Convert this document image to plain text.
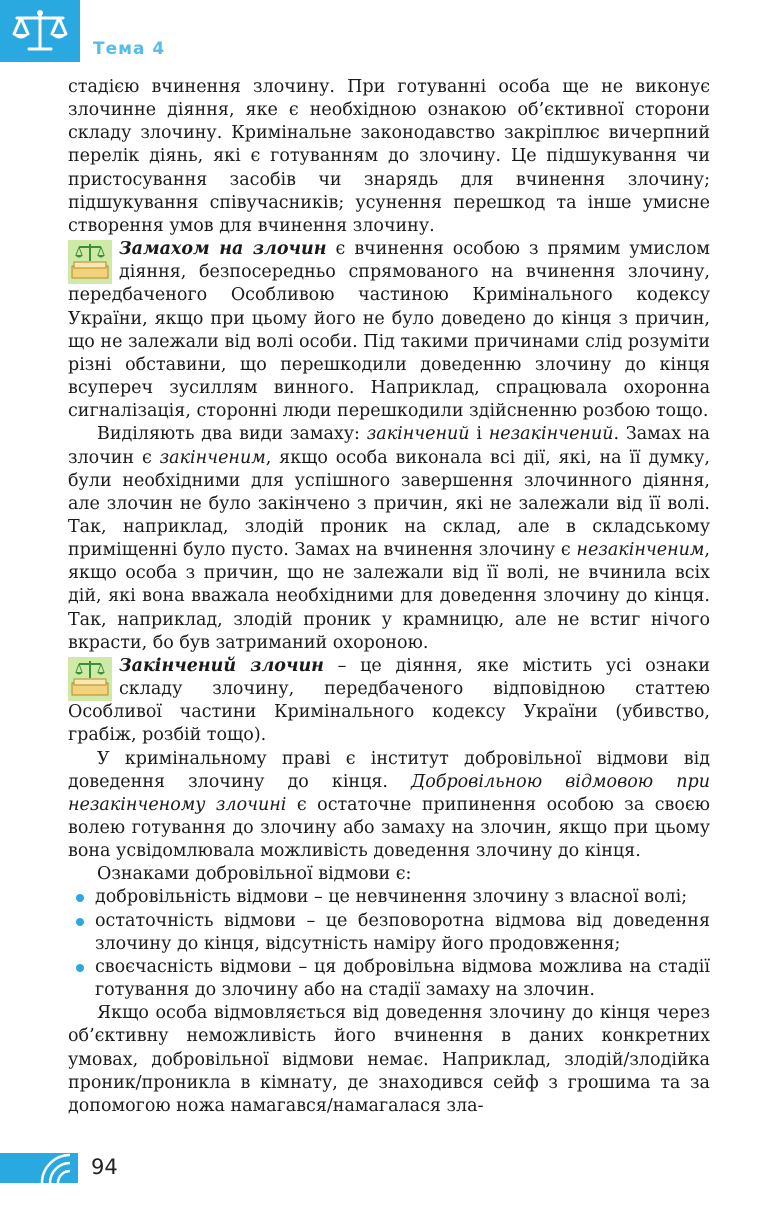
Тема 4

стадією вчинення злочину. При готуванні особа ще не виконує злочинне діяння, яке є необхідною ознакою об’єктивної сторони складу злочину. Кримінальне законодавство закріплює вичерпний перелік діянь, які є готуванням до злочину. Це підшукування чи пристосування засобів чи знарядь для вчинення злочину; підшукування співучасників; усунення перешкод та інше умисне створення умов для вчинення злочину.

Замахом на злочин є вчинення особою з прямим умислом діяння, безпосередньо спрямованого на вчинення злочину, передбаченого Особливою частиною Кримінального кодексу України, якщо при цьому його не було доведено до кінця з причин, що не залежали від волі особи. Під такими причинами слід розуміти різні обставини, що перешкодили доведенню злочину до кінця всупереч зусиллям винного. Наприклад, спрацювала охоронна сигналізація, сторонні люди перешкодили здійсненню розбою тощо.

Виділяють два види замаху: закінчений і незакінчений. Замах на злочин є закінченим, якщо особа виконала всі дії, які, на її думку, були необхідними для успішного завершення злочинного діяння, але злочин не було закінчено з причин, які не залежали від її волі. Так, наприклад, злодій проник на склад, але в складському приміщенні було пусто. Замах на вчинення злочину є незакінченим, якщо особа з причин, що не залежали від її волі, не вчинила всіх дій, які вона вважала необхідними для доведення злочину до кінця. Так, наприклад, злодій проник у крамницю, але не встиг нічого вкрасти, бо був затриманий охороною.

Закінчений злочин – це діяння, яке містить усі ознаки складу злочину, передбаченого відповідною статтею Особливої частини Кримінального кодексу України (убивство, грабіж, розбій тощо).

У кримінальному праві є інститут добровільної відмови від доведення злочину до кінця. Добровільною відмовою при незакінченому злочині є остаточне припинення особою за своєю волею готування до злочину або замаху на злочин, якщо при цьому вона усвідомлювала можливість доведення злочину до кінця.

Ознаками добровільної відмови є:

добровільність відмови – це невчинення злочину з власної волі;
остаточність відмови – це безповоротна відмова від доведення злочину до кінця, відсутність наміру його продовження;
своєчасність відмови – ця добровільна відмова можлива на стадії готування до злочину або на стадії замаху на злочин.

Якщо особа відмовляється від доведення злочину до кінця через об’єктивну неможливість його вчинення в даних конкретних умовах, добровільної відмови немає. Наприклад, злодій/злодійка проник/проникла в кімнату, де знаходився сейф з грошима та за допомогою ножа намагався/намагалася зла-

94
